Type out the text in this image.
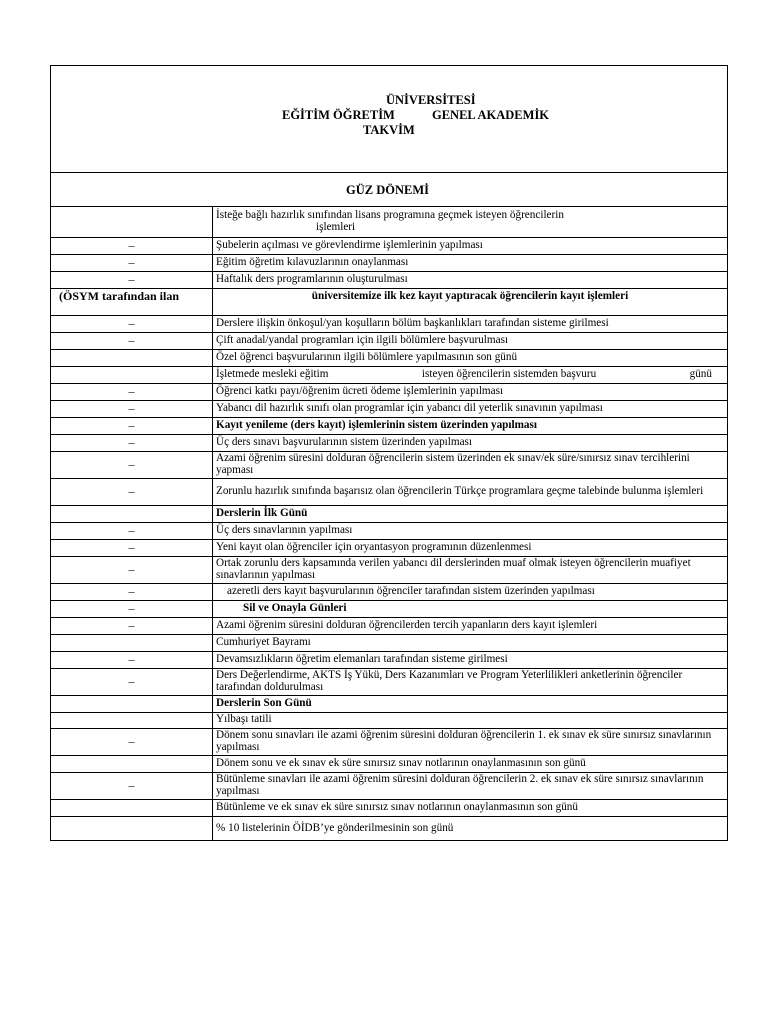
ÜNİVERSİTESİ
EĞİTİM ÖĞRETİM	GENEL AKADEMİK
TAKVİM
GÜZ DÖNEMİ

	İsteğe bağlı hazırlık sınıfından lisans programına geçmek isteyen öğrencilerin
işlemleri

–	Şubelerin açılması ve görevlendirme işlemlerinin yapılması
–	Eğitim öğretim kılavuzlarının onaylanması
–	Haftalık ders programlarının oluşturulması
(ÖSYM tarafından ilan	üniversitemize ilk kez kayıt yaptıracak öğrencilerin kayıt işlemleri
–	Derslere ilişkin önkoşul/yan koşulların bölüm başkanlıkları tarafından sisteme girilmesi
–	Çift anadal/yandal programları için ilgili bölümlere başvurulması
	Özel öğrenci başvurularının ilgili bölümlere yapılmasının son günü

	İşletmede mesleki eğitim isteyen öğrencilerin sistemden başvuru günü

–	Öğrenci katkı payı/öğrenim ücreti ödeme işlemlerinin yapılması
–	Yabancı dil hazırlık sınıfı olan programlar için yabancı dil yeterlik sınavının yapılması
–	Kayıt yenileme (ders kayıt) işlemlerinin sistem üzerinden yapılması
–	Üç ders sınavı başvurularının sistem üzerinden yapılması
–	Azami öğrenim süresini dolduran öğrencilerin sistem üzerinden ek sınav/ek süre/sınırsız sınav tercihlerini yapması
–	Zorunlu hazırlık sınıfında başarısız olan öğrencilerin Türkçe programlara geçme talebinde bulunma işlemleri
	Derslerin İlk Günü
–	Üç ders sınavlarının yapılması
–	Yeni kayıt olan öğrenciler için oryantasyon programının düzenlenmesi
–	Ortak zorunlu ders kapsamında verilen yabancı dil derslerinden muaf olmak isteyen öğrencilerin muafiyet sınavlarının yapılması
–	azeretli ders kayıt başvurularının öğrenciler tarafından sistem üzerinden yapılması
–	Sil ve Onayla Günleri
–	Azami öğrenim süresini dolduran öğrencilerden tercih yapanların ders kayıt işlemleri
	Cumhuriyet Bayramı
–	Devamsızlıkların öğretim elemanları tarafından sisteme girilmesi
–	Ders Değerlendirme, AKTS İş Yükü, Ders Kazanımları ve Program Yeterlilikleri anketlerinin öğrenciler tarafından doldurulması
	Derslerin Son Günü
	Yılbaşı tatili
–	Dönem sonu sınavları ile azami öğrenim süresini dolduran öğrencilerin 1. ek sınav ek süre sınırsız sınavlarının yapılması
	Dönem sonu ve ek sınav ek süre sınırsız sınav notlarının onaylanmasının son günü
–	Bütünleme sınavları ile azami öğrenim süresini dolduran öğrencilerin 2. ek sınav ek süre sınırsız sınavlarının yapılması
	Bütünleme ve ek sınav ek süre sınırsız sınav notlarının onaylanmasının son günü
	% 10 listelerinin ÖİDB’ye gönderilmesinin son günü
